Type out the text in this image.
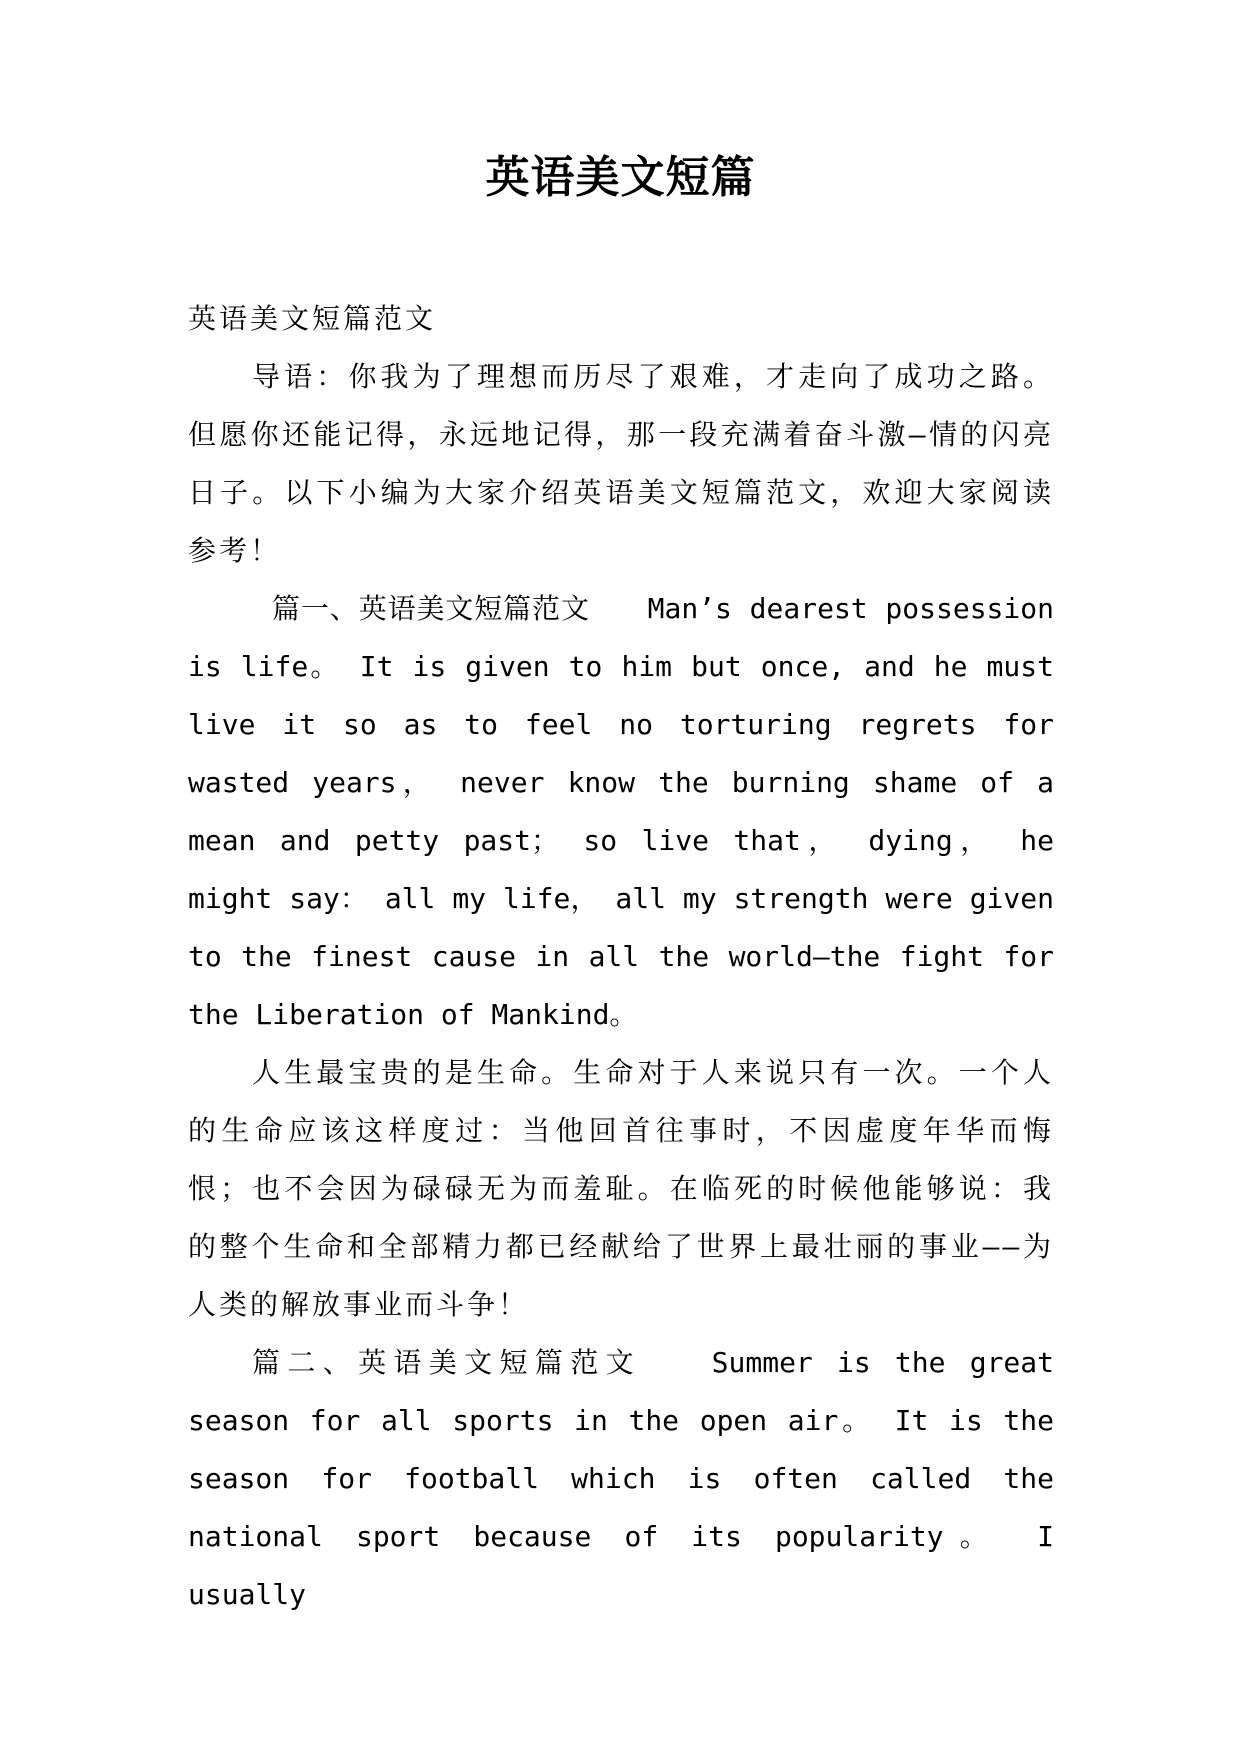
英语美文短篇

英语美文短篇范文

导语：你我为了理想而历尽了艰难，才走向了成功之路。但愿你还能记得，永远地记得，那一段充满着奋斗激—情的闪亮日子。以下小编为大家介绍英语美文短篇范文，欢迎大家阅读参考！

篇一、英语美文短篇范文　　Man’s dearest possession is life。 It is given to him but once, and he must live it so as to feel no torturing regrets for wasted years， never know the burning shame of a mean and petty past； so live that， dying， he might say： all my life， all my strength were given to the finest cause in all the world—the fight for the Liberation of Mankind。

人生最宝贵的是生命。生命对于人来说只有一次。一个人的生命应该这样度过：当他回首往事时，不因虚度年华而悔恨；也不会因为碌碌无为而羞耻。在临死的时候他能够说：我的整个生命和全部精力都已经献给了世界上最壮丽的事业——为人类的解放事业而斗争！

篇二、英语美文短篇范文　　Summer is the great season for all sports in the open air。 It is the season for football which is often called the national sport because of its popularity。 I usually
